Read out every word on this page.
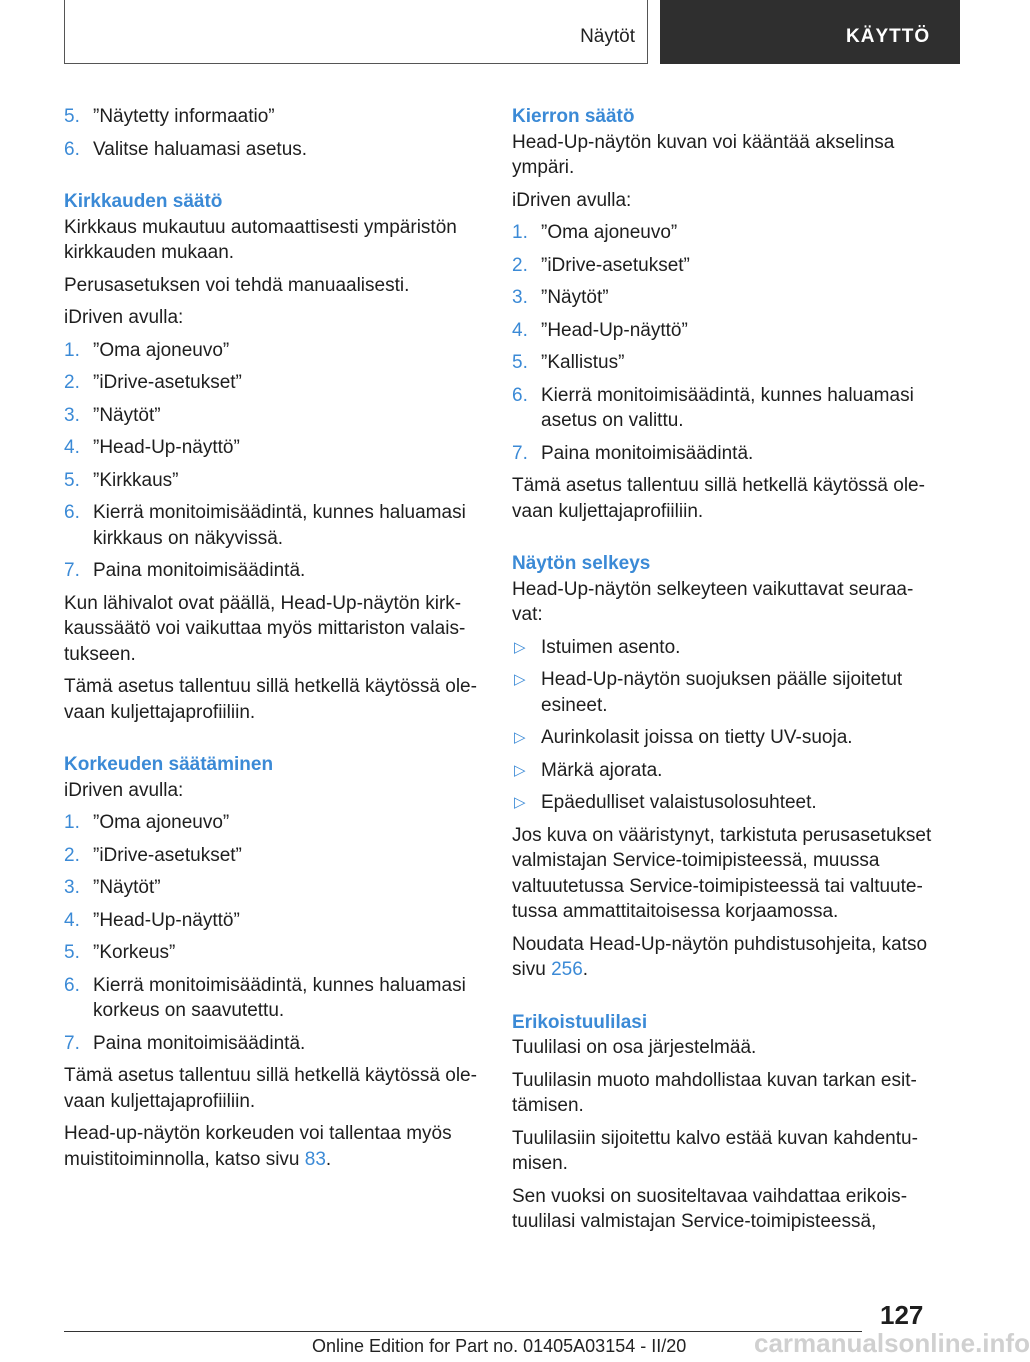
Näytöt	KÄYTTÖ
5. ”Näytetty informaatio”
6. Valitse haluamasi asetus.

Kirkkauden säätö

Kirkkaus mukautuu automaattisesti ympäristön kirkkauden mukaan.

Perusasetuksen voi tehdä manuaalisesti.

iDriven avulla:

1. ”Oma ajoneuvo”
2. ”iDrive-asetukset”
3. ”Näytöt”
4. ”Head-Up-näyttö”
5. ”Kirkkaus”
6. Kierrä monitoimisäädintä, kunnes haluamasi kirkkaus on näkyvissä.
7. Paina monitoimisäädintä.

Kun lähivalot ovat päällä, Head-Up-näytön kirkkaussäätö voi vaikuttaa myös mittariston valaistukseen.

Tämä asetus tallentuu sillä hetkellä käytössä olevaan kuljettajaprofiiliin.

Korkeuden säätäminen

iDriven avulla:

1. ”Oma ajoneuvo”
2. ”iDrive-asetukset”
3. ”Näytöt”
4. ”Head-Up-näyttö”
5. ”Korkeus”
6. Kierrä monitoimisäädintä, kunnes haluamasi korkeus on saavutettu.
7. Paina monitoimisäädintä.

Tämä asetus tallentuu sillä hetkellä käytössä olevaan kuljettajaprofiiliin.

Head-up-näytön korkeuden voi tallentaa myös muistitoiminnolla, katso sivu 83.

Kierron säätö

Head-Up-näytön kuvan voi kääntää akselinsa ympäri.

iDriven avulla:

1. ”Oma ajoneuvo”
2. ”iDrive-asetukset”
3. ”Näytöt”
4. ”Head-Up-näyttö”
5. ”Kallistus”
6. Kierrä monitoimisäädintä, kunnes haluamasi asetus on valittu.
7. Paina monitoimisäädintä.

Tämä asetus tallentuu sillä hetkellä käytössä olevaan kuljettajaprofiiliin.

Näytön selkeys

Head-Up-näytön selkeyteen vaikuttavat seuraavat:

▷ Istuimen asento.
▷ Head-Up-näytön suojuksen päälle sijoitetut esineet.
▷ Aurinkolasit joissa on tietty UV-suoja.
▷ Märkä ajorata.
▷ Epäedulliset valaistusolosuhteet.

Jos kuva on vääristynyt, tarkistuta perusasetukset valmistajan Service-toimipisteessä, muussa valtuutetussa Service-toimipisteessä tai valtuutetussa ammattitaitoisessa korjaamossa.

Noudata Head-Up-näytön puhdistusohjeita, katso sivu 256.

Erikoistuulilasi

Tuulilasi on osa järjestelmää.

Tuulilasin muoto mahdollistaa kuvan tarkan esittämisen.

Tuulilasiin sijoitettu kalvo estää kuvan kahdentumisen.

Sen vuoksi on suositeltavaa vaihdattaa erikoistuulilasi valmistajan Service-toimipisteessä,

127
Online Edition for Part no. 01405A03154 - II/20	carmanualsonline.info
